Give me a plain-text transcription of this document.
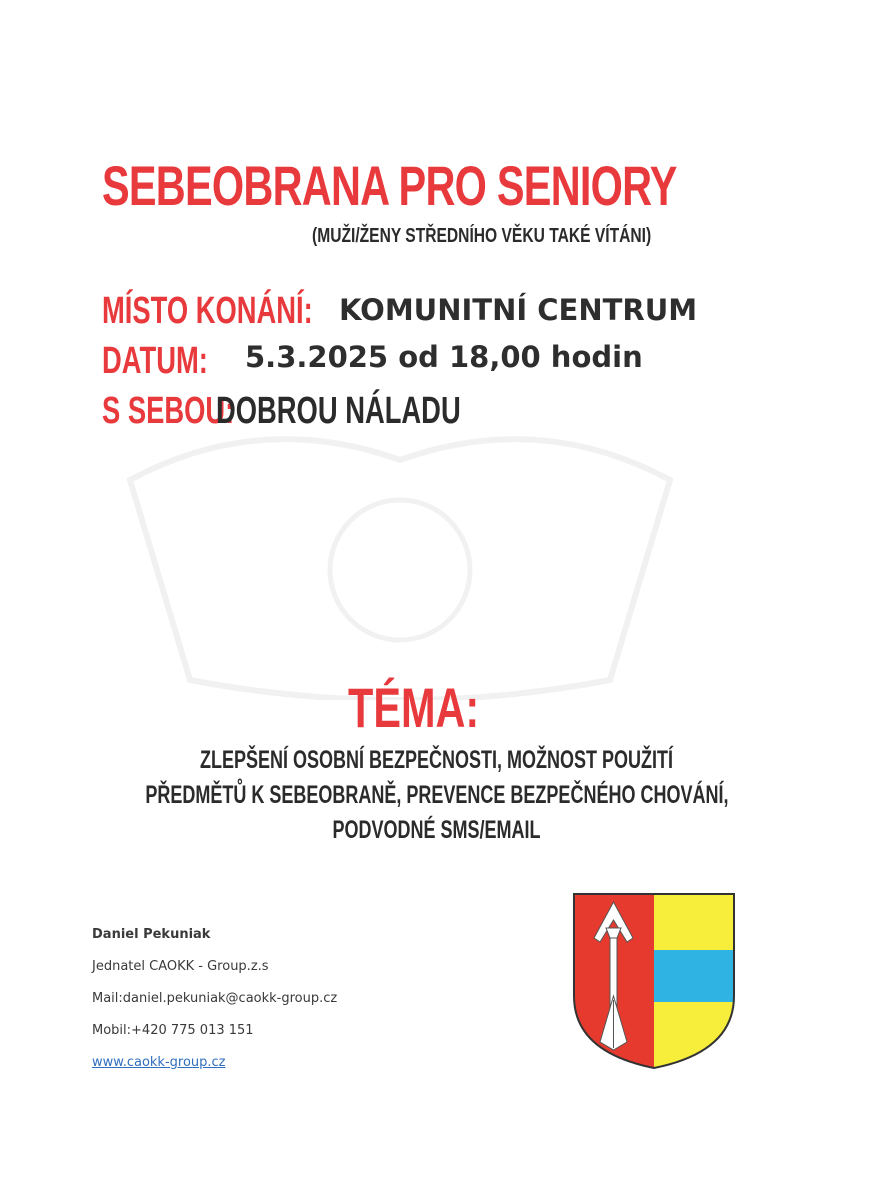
SEBEOBRANA PRO SENIORY
(MUŽI/ŽENY STŘEDNÍHO VĚKU TAKÉ VÍTÁNI)
MÍSTO KONÁNÍ: KOMUNITNÍ CENTRUM
DATUM: 5.3.2025 od 18,00 hodin
S SEBOU:
DOBROU NÁLADU
TÉMA:
ZLEPŠENÍ OSOBNÍ BEZPEČNOSTI, MOŽNOST POUŽITÍ
PŘEDMĚTŮ K SEBEOBRANĚ, PREVENCE BEZPEČNÉHO CHOVÁNÍ,
PODVODNÉ SMS/EMAIL
Daniel Pekuniak
Jednatel CAOKK - Group.z.s
Mail:daniel.pekuniak@caokk-group.cz
Mobil:+420 775 013 151
www.caokk-group.cz
